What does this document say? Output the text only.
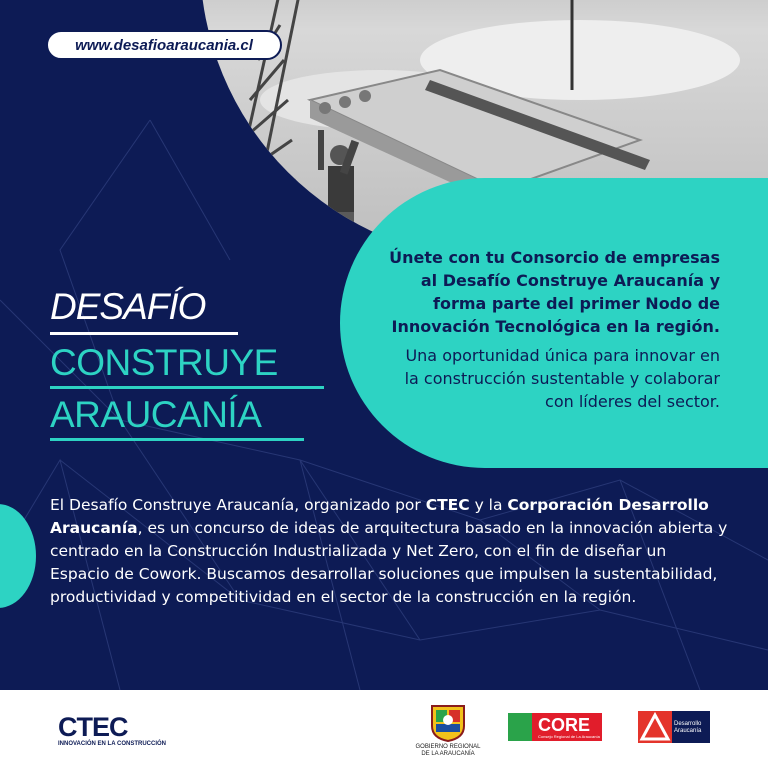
www.desafioaraucania.cl
DESAFÍO
CONSTRUYE
ARAUCANÍA
Únete con tu Consorcio de empresas
al Desafío Construye Araucanía y
forma parte del primer Nodo de
Innovación Tecnológica en la región.
Una oportunidad única para innovar en
la construcción sustentable y colaborar
con líderes del sector.
El Desafío Construye Araucanía, organizado por CTEC y la Corporación Desarrollo Araucanía, es un concurso de ideas de arquitectura basado en la innovación abierta y centrado en la Construcción Industrializada y Net Zero, con el fin de diseñar un Espacio de Cowork. Buscamos desarrollar soluciones que impulsen la sustentabilidad, productividad y competitividad en el sector de la construcción en la región.
CTEC
INNOVACIÓN EN LA CONSTRUCCIÓN	GOBIERNO REGIONAL
DE LA ARAUCANÍA
CORE
Consejo Regional de La Araucanía
Desarrollo
Araucanía
